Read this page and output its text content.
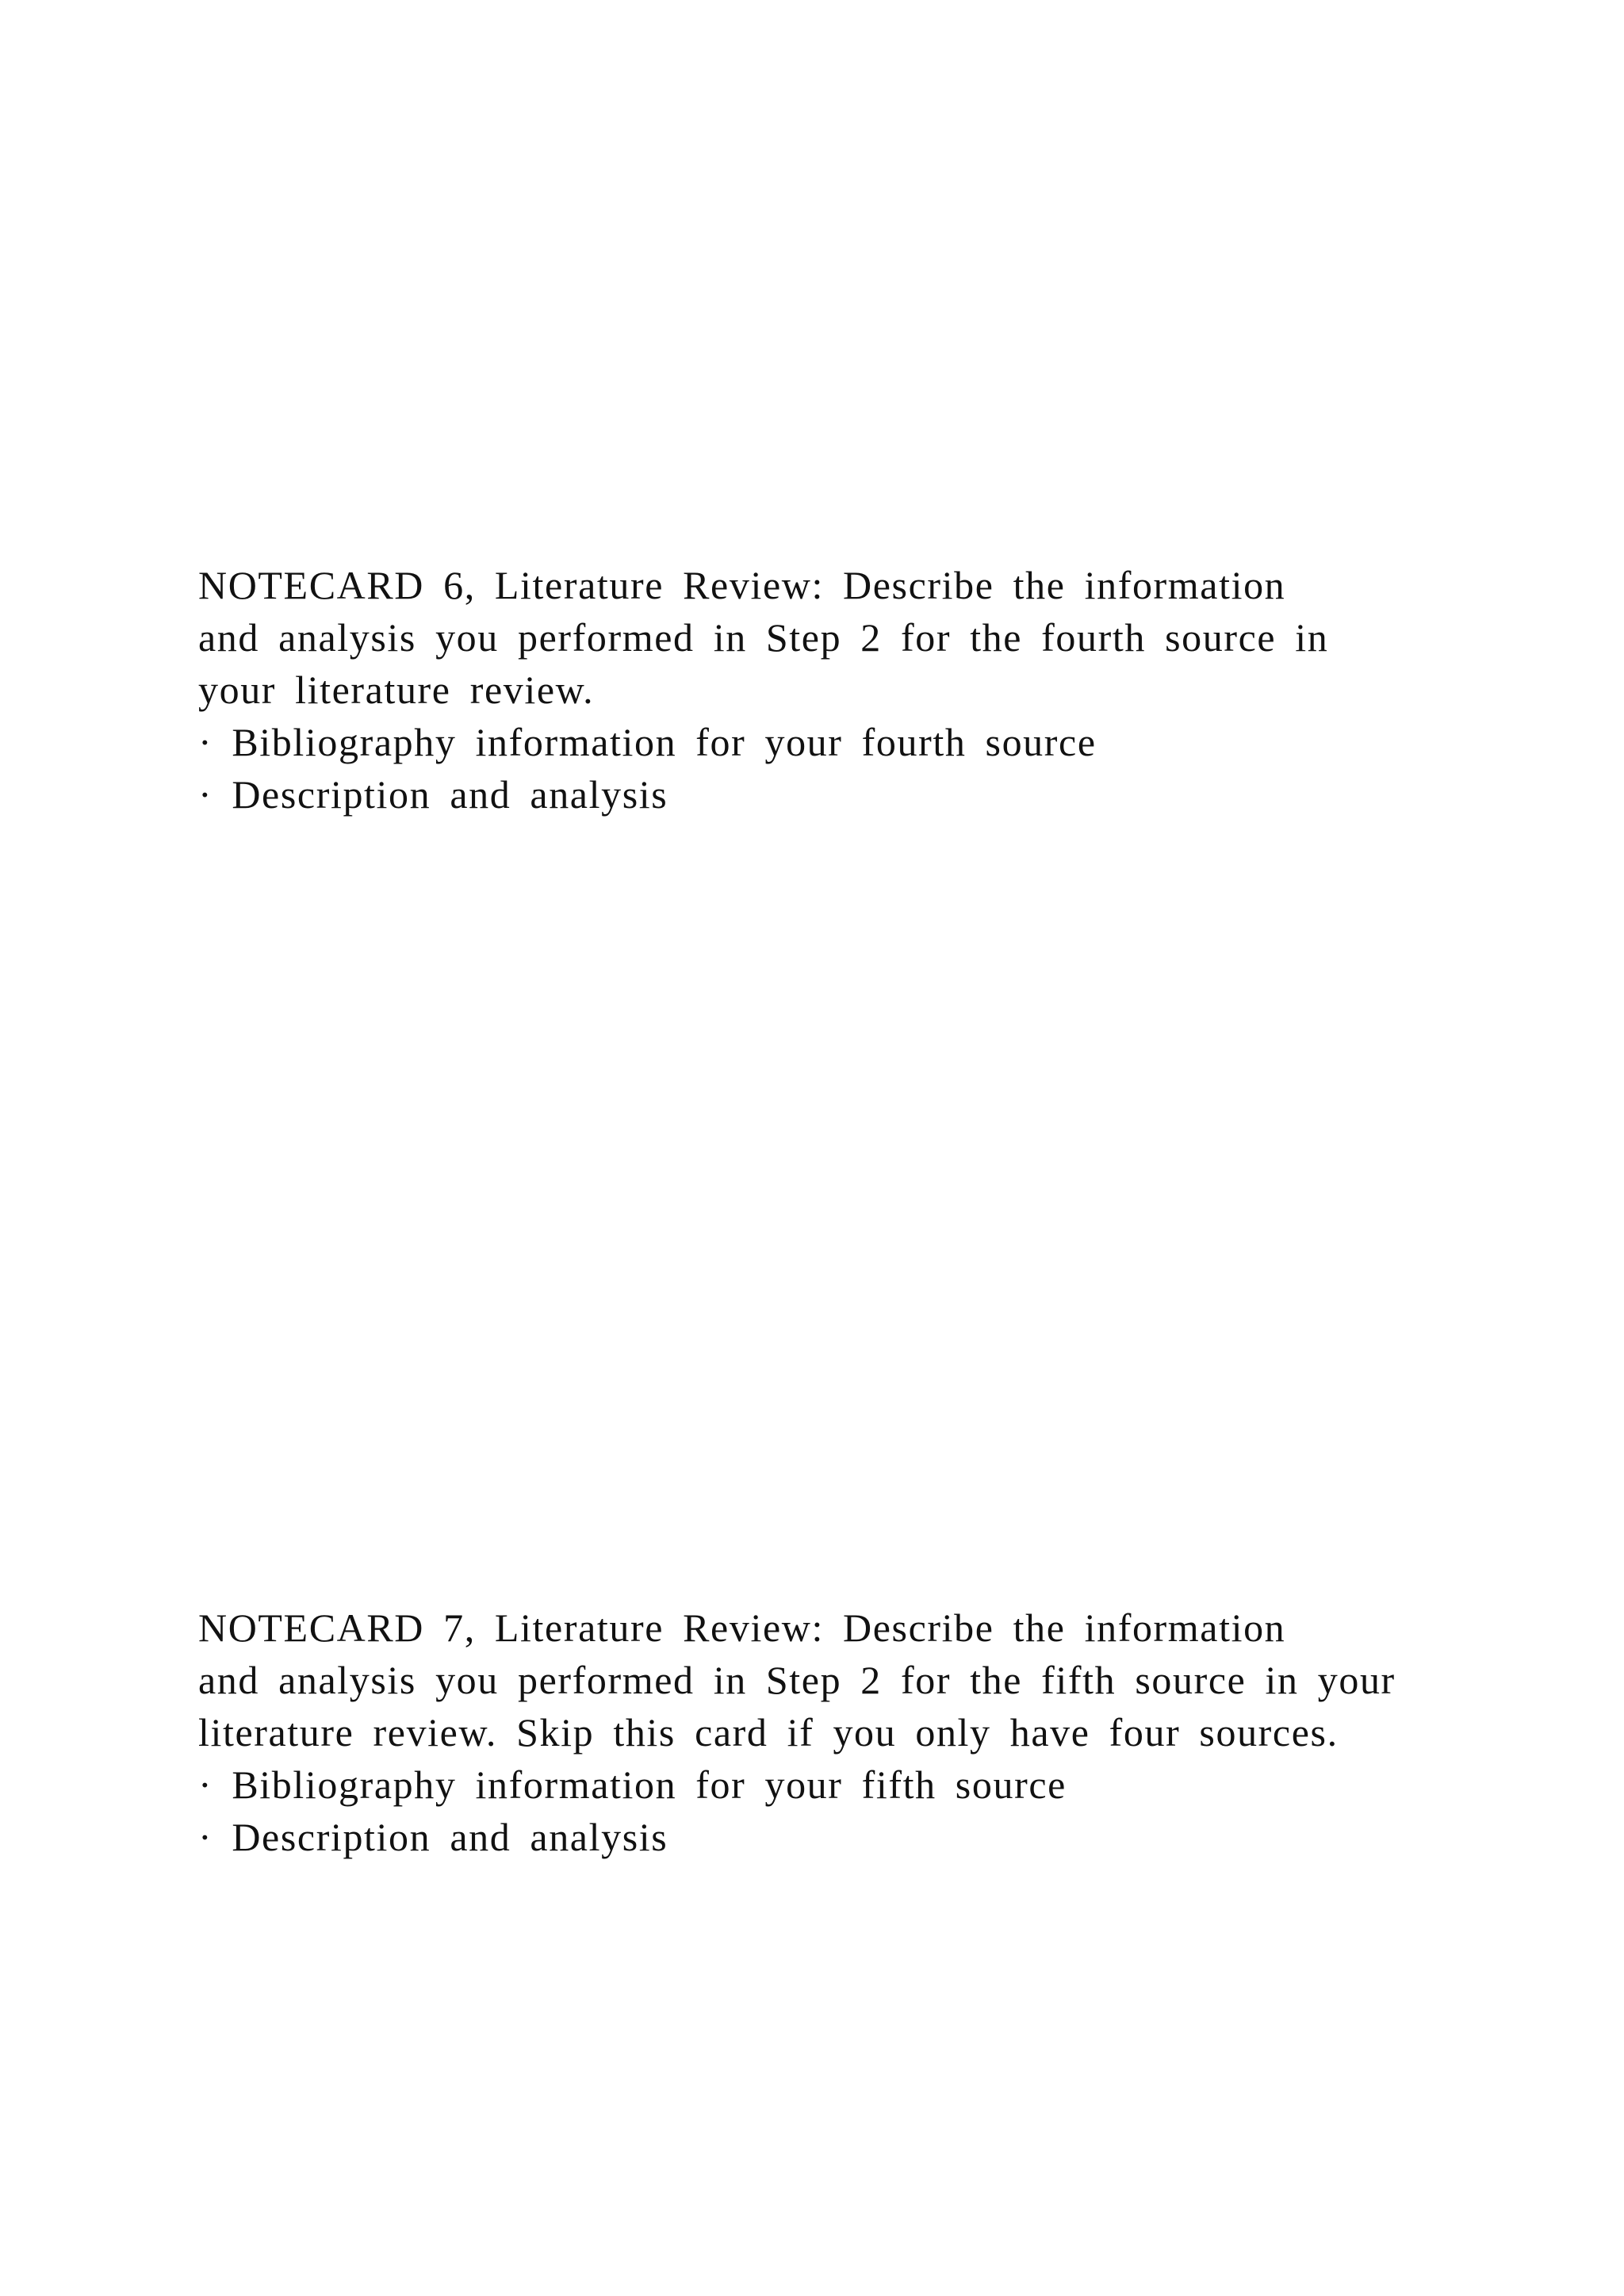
NOTECARD 6, Literature Review: Describe the information
and analysis you performed in Step 2 for the fourth source in
your literature review.
· Bibliography information for your fourth source
· Description and analysis
NOTECARD 7, Literature Review: Describe the information
and analysis you performed in Step 2 for the fifth source in your
literature review. Skip this card if you only have four sources.
· Bibliography information for your fifth source
· Description and analysis
